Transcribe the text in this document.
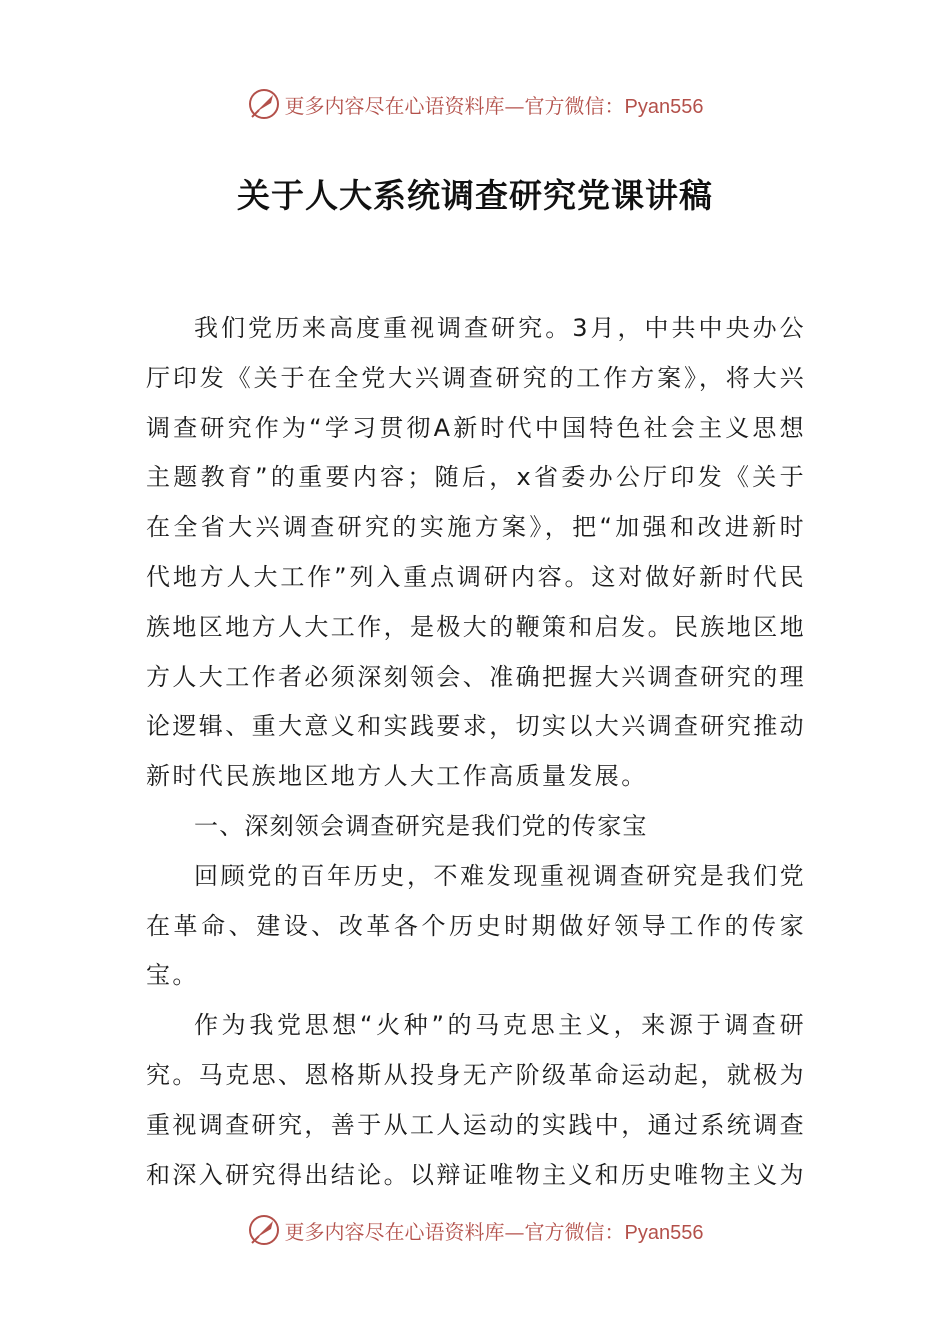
更多内容尽在心语资料库—官方微信：Pyan556
关于人大系统调查研究党课讲稿

我们党历来高度重视调查研究。3月，中共中央办公厅印发《关于在全党大兴调查研究的工作方案》，将大兴调查研究作为“学习贯彻A新时代中国特色社会主义思想主题教育”的重要内容；随后，x省委办公厅印发《关于在全省大兴调查研究的实施方案》，把“加强和改进新时代地方人大工作”列入重点调研内容。这对做好新时代民族地区地方人大工作，是极大的鞭策和启发。民族地区地方人大工作者必须深刻领会、准确把握大兴调查研究的理论逻辑、重大意义和实践要求，切实以大兴调查研究推动新时代民族地区地方人大工作高质量发展。

一、深刻领会调查研究是我们党的传家宝

回顾党的百年历史，不难发现重视调查研究是我们党在革命、建设、改革各个历史时期做好领导工作的传家宝。

作为我党思想“火种”的马克思主义，来源于调查研究。马克思、恩格斯从投身无产阶级革命运动起，就极为重视调查研究，善于从工人运动的实践中，通过系统调查和深入研究得出结论。以辩证唯物主义和历史唯物主义为

更多内容尽在心语资料库—官方微信：Pyan556
